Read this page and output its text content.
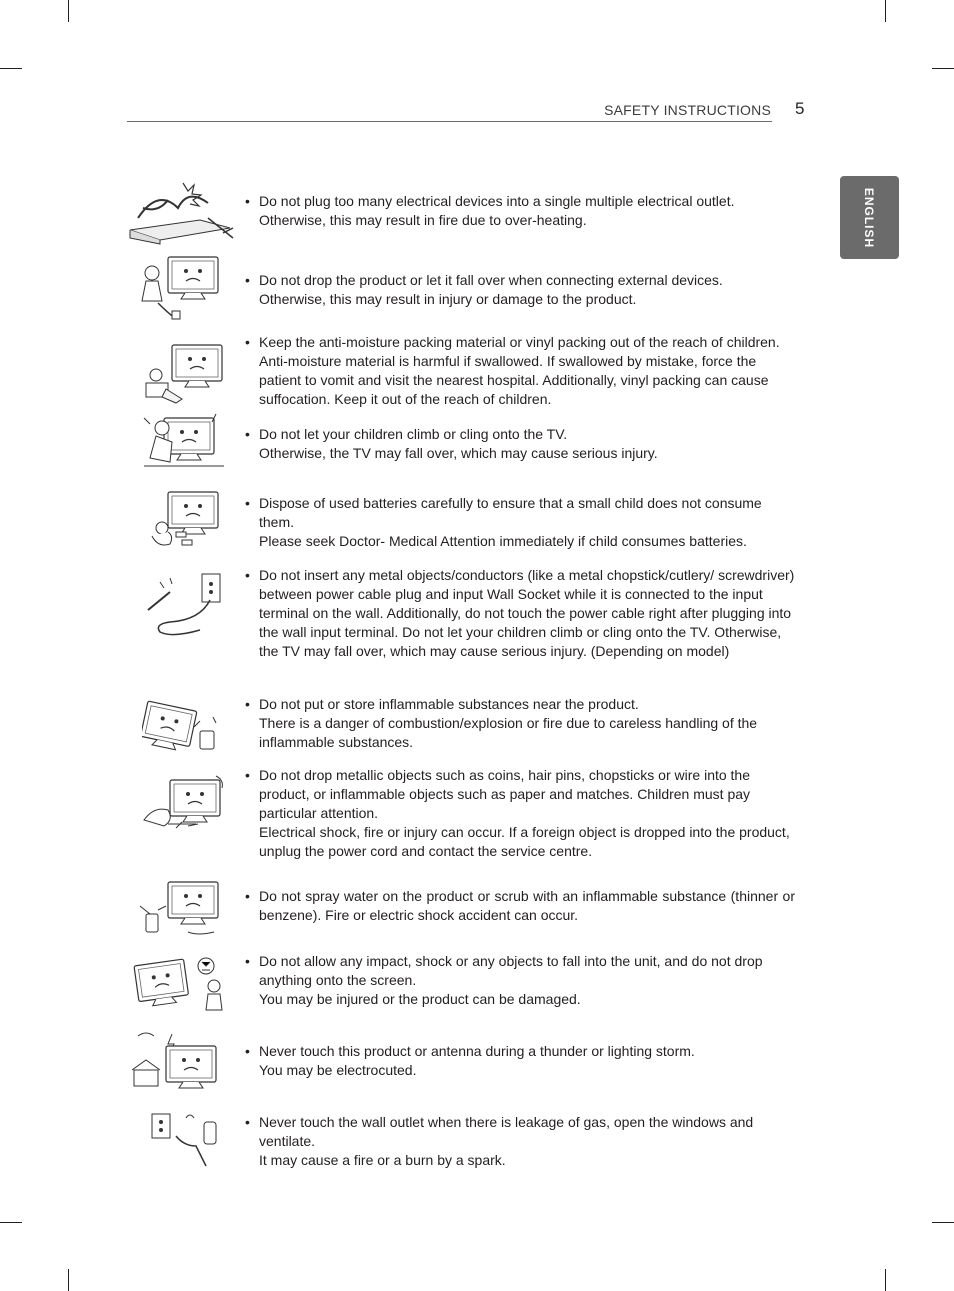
SAFETY INSTRUCTIONS 5
ENGLISH
• Do not plug too many electrical devices into a single multiple electrical outlet.

Otherwise, this may result in fire due to over-heating.

• Do not drop the product or let it fall over when connecting external devices.

Otherwise, this may result in injury or damage to the product.

• Keep the anti-moisture packing material or vinyl packing out of the reach of children. Anti-moisture material is harmful if swallowed. If swallowed by mistake, force the patient to vomit and visit the nearest hospital. Additionally, vinyl packing can cause suffocation. Keep it out of the reach of children.

• Do not let your children climb or cling onto the TV.

Otherwise, the TV may fall over, which may cause serious injury.

• Dispose of used batteries carefully to ensure that a small child does not consume them.

Please seek Doctor- Medical Attention immediately if child consumes batteries.

• Do not insert any metal objects/conductors (like a metal chopstick/cutlery/ screwdriver) between power cable plug and input Wall Socket while it is connected to the input terminal on the wall. Additionally, do not touch the power cable right after plugging into the wall input terminal. Do not let your children climb or cling onto the TV. Otherwise, the TV may fall over, which may cause serious injury. (Depending on model)

• Do not put or store inflammable substances near the product.

There is a danger of combustion/explosion or fire due to careless handling of the inflammable substances.

• Do not drop metallic objects such as coins, hair pins, chopsticks or wire into the product, or inflammable objects such as paper and matches. Children must pay particular attention.

Electrical shock, fire or injury can occur. If a foreign object is dropped into the product, unplug the power cord and contact the service centre.

• Do not spray water on the product or scrub with an inflammable substance (thinner or benzene). Fire or electric shock accident can occur.

• Do not allow any impact, shock or any objects to fall into the unit, and do not drop anything onto the screen.

You may be injured or the product can be damaged.

• Never touch this product or antenna during a thunder or lighting storm.

You may be electrocuted.

• Never touch the wall outlet when there is leakage of gas, open the windows and ventilate.

It may cause a fire or a burn by a spark.
